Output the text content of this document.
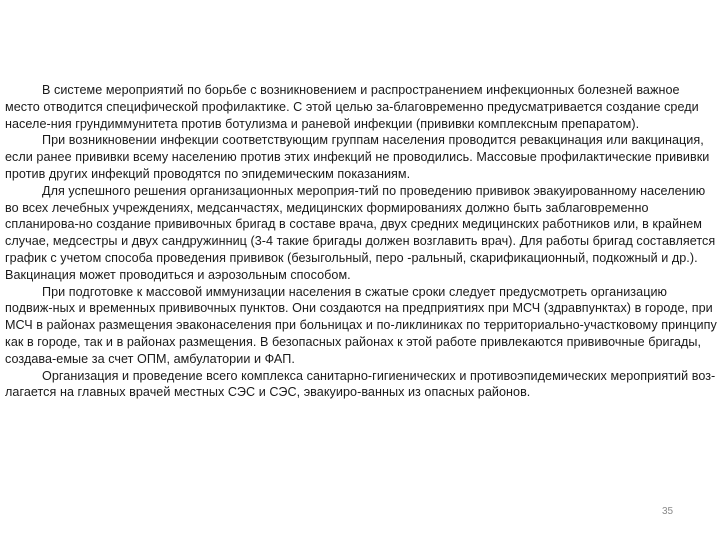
В системе мероприятий по борьбе с возникновением и распространением инфекционных болезней важное место отводится специфической профилактике. С этой целью за-благовременно предусматривается создание среди населе-ния грундиммунитета против ботулизма и раневой инфекции (прививки комплексным препаратом).

При возникновении инфекции соответствующим группам населения проводится ревакцинация или вакцинация, если ранее прививки всему населению против этих инфекций не проводились. Массовые профилактические прививки против других инфекций проводятся по эпидемическим показаниям.

Для успешного решения организационных мероприя-тий по проведению прививок эвакуированному населению во всех лечебных учреждениях, медсанчастях, медицинских формированиях должно быть заблаговременно спланирова-но создание прививочных бригад в составе врача, двух средних медицинских работников или, в крайнем случае, медсестры и двух сандружинниц (3-4 такие бригады должен возглавить врач). Для работы бригад составляется график с учетом способа проведения прививок (безыгольный, перо -ральный, скарификационный, подкожный и др.). Вакцинация может проводиться и аэрозольным способом.

При подготовке к массовой иммунизации населения в сжатые сроки следует предусмотреть организацию подвиж-ных и временных прививочных пунктов. Они создаются на предприятиях при МСЧ (здравпунктах) в городе, при МСЧ в районах размещения эваконаселения при больницах и по-ликлиниках по территориально-участковому принципу как в городе, так и в районах размещения. В безопасных районах к этой работе привлекаются прививочные бригады, создава-емые за счет ОПМ, амбулатории и ФАП.

Организация и проведение всего комплекса санитарно-гигиенических и противоэпидемических мероприятий воз-лагается на главных врачей местных СЭС и СЭС, эвакуиро-ванных из опасных районов.

35
